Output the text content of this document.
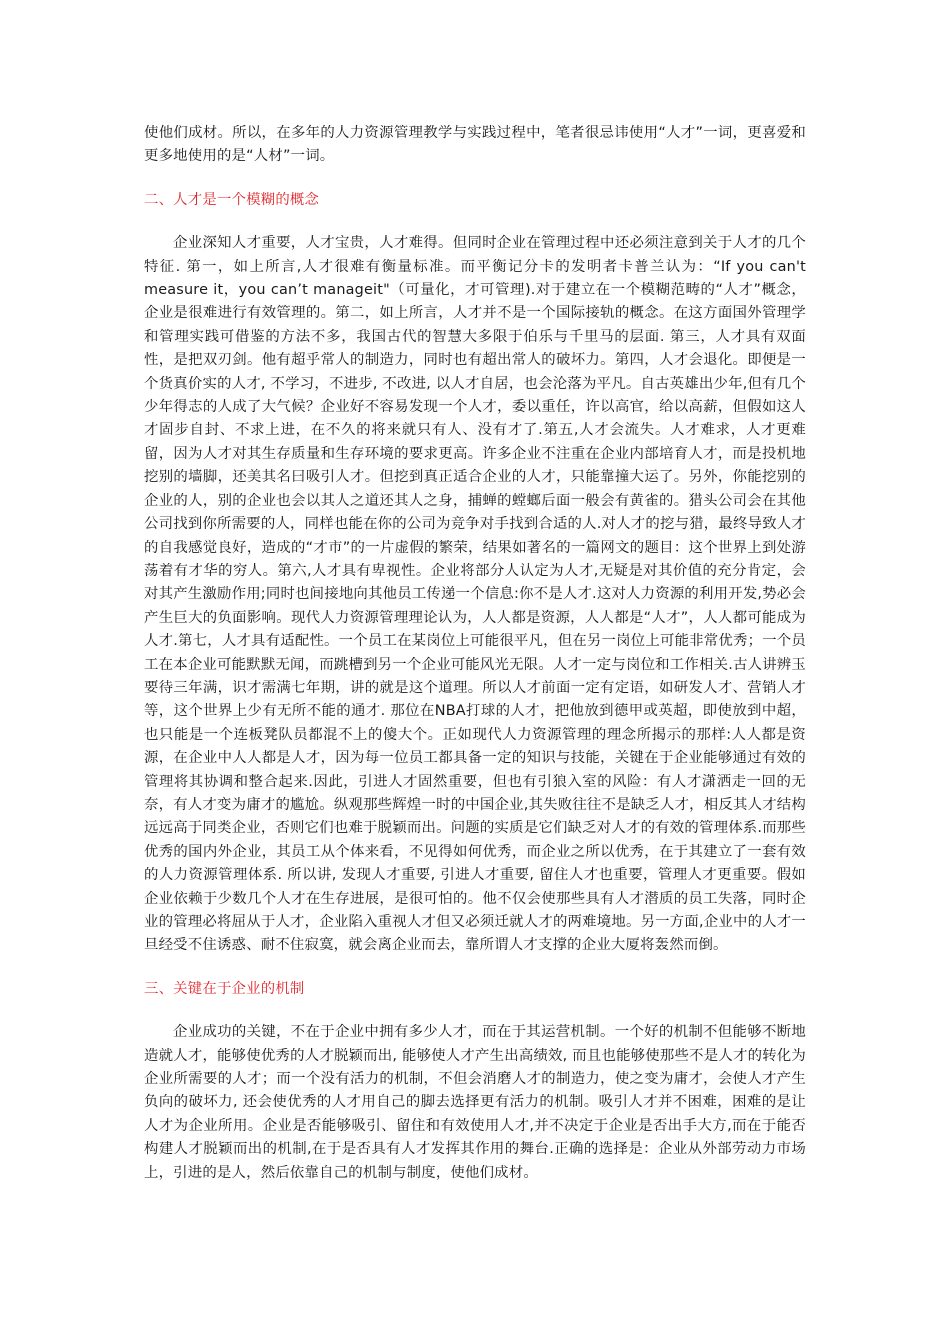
使他们成材。所以，在多年的人力资源管理教学与实践过程中，笔者很忌讳使用“人才”一词，更喜爱和更多地使用的是“人材”一词。

二、人才是一个模糊的概念

企业深知人才重要，人才宝贵，人才难得。但同时企业在管理过程中还必须注意到关于人才的几个特征. 第一，如上所言,人才很难有衡量标准。而平衡记分卡的发明者卡普兰认为：“If you can't measure it，you can’t manageit"（可量化，才可管理).对于建立在一个模糊范畴的“人才”概念，企业是很难进行有效管理的。第二，如上所言，人才并不是一个国际接轨的概念。在这方面国外管理学和管理实践可借鉴的方法不多，我国古代的智慧大多限于伯乐与千里马的层面. 第三，人才具有双面性，是把双刃剑。他有超乎常人的制造力，同时也有超出常人的破坏力。第四，人才会退化。即便是一个货真价实的人才, 不学习，不进步, 不改进, 以人才自居，也会沦落为平凡。自古英雄出少年,但有几个少年得志的人成了大气候？企业好不容易发现一个人才，委以重任，许以高官，给以高薪，但假如这人才固步自封、不求上进，在不久的将来就只有人、没有才了.第五,人才会流失。人才难求，人才更难留，因为人才对其生存质量和生存环境的要求更高。许多企业不注重在企业内部培育人才，而是投机地挖别的墙脚，还美其名曰吸引人才。但挖到真正适合企业的人才，只能靠撞大运了。另外，你能挖别的企业的人，别的企业也会以其人之道还其人之身，捕蝉的螳螂后面一般会有黄雀的。猎头公司会在其他公司找到你所需要的人，同样也能在你的公司为竞争对手找到合适的人.对人才的挖与猎，最终导致人才的自我感觉良好，造成的“才市”的一片虚假的繁荣，结果如著名的一篇网文的题目：这个世界上到处游荡着有才华的穷人。第六,人才具有卑视性。企业将部分人认定为人才,无疑是对其价值的充分肯定，会对其产生激励作用;同时也间接地向其他员工传递一个信息:你不是人才.这对人力资源的利用开发,势必会产生巨大的负面影响。现代人力资源管理理论认为，人人都是资源，人人都是“人才”，人人都可能成为人才.第七，人才具有适配性。一个员工在某岗位上可能很平凡，但在另一岗位上可能非常优秀；一个员工在本企业可能默默无闻，而跳槽到另一个企业可能风光无限。人才一定与岗位和工作相关.古人讲辨玉要待三年满，识才需满七年期，讲的就是这个道理。所以人才前面一定有定语，如研发人才、营销人才等，这个世界上少有无所不能的通才. 那位在NBA打球的人才，把他放到德甲或英超，即使放到中超，也只能是一个连板凳队员都混不上的傻大个。正如现代人力资源管理的理念所揭示的那样:人人都是资源，在企业中人人都是人才，因为每一位员工都具备一定的知识与技能，关键在于企业能够通过有效的管理将其协调和整合起来.因此，引进人才固然重要，但也有引狼入室的风险：有人才潇洒走一回的无奈，有人才变为庸才的尴尬。纵观那些辉煌一时的中国企业,其失败往往不是缺乏人才，相反其人才结构远远高于同类企业，否则它们也难于脱颖而出。问题的实质是它们缺乏对人才的有效的管理体系.而那些优秀的国内外企业，其员工从个体来看，不见得如何优秀，而企业之所以优秀，在于其建立了一套有效的人力资源管理体系. 所以讲, 发现人才重要, 引进人才重要, 留住人才也重要，管理人才更重要。假如企业依赖于少数几个人才在生存进展，是很可怕的。他不仅会使那些具有人才潜质的员工失落，同时企业的管理必将屈从于人才，企业陷入重视人才但又必须迁就人才的两难境地。另一方面,企业中的人才一旦经受不住诱惑、耐不住寂寞，就会离企业而去，靠所谓人才支撑的企业大厦将轰然而倒。

三、关键在于企业的机制

企业成功的关键，不在于企业中拥有多少人才，而在于其运营机制。一个好的机制不但能够不断地造就人才，能够使优秀的人才脱颖而出, 能够使人才产生出高绩效, 而且也能够使那些不是人才的转化为企业所需要的人才；而一个没有活力的机制，不但会消磨人才的制造力，使之变为庸才，会使人才产生负向的破坏力, 还会使优秀的人才用自己的脚去选择更有活力的机制。吸引人才并不困难，困难的是让人才为企业所用。企业是否能够吸引、留住和有效使用人才,并不决定于企业是否出手大方,而在于能否构建人才脱颖而出的机制,在于是否具有人才发挥其作用的舞台.正确的选择是：企业从外部劳动力市场上，引进的是人，然后依靠自己的机制与制度，使他们成材。
